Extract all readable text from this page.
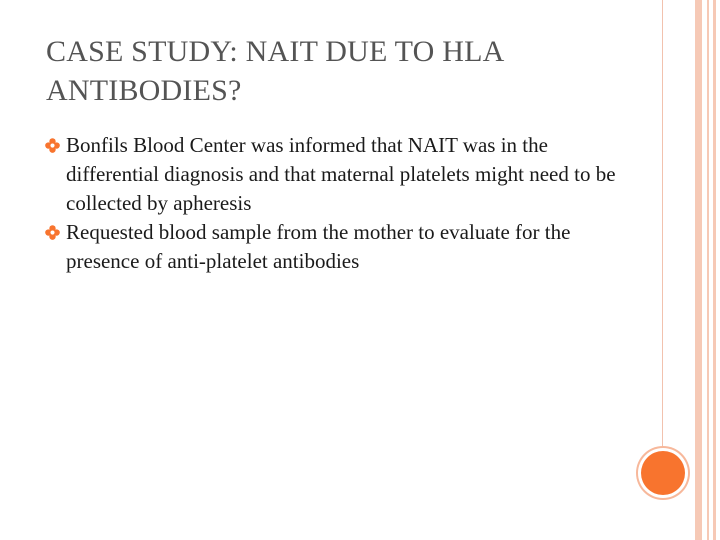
CASE STUDY: NAIT DUE TO HLA ANTIBODIES?
Bonfils Blood Center was informed that NAIT was in the differential diagnosis and that maternal platelets might need to be collected by apheresis
Requested blood sample from the mother to evaluate for the presence of anti-platelet antibodies
